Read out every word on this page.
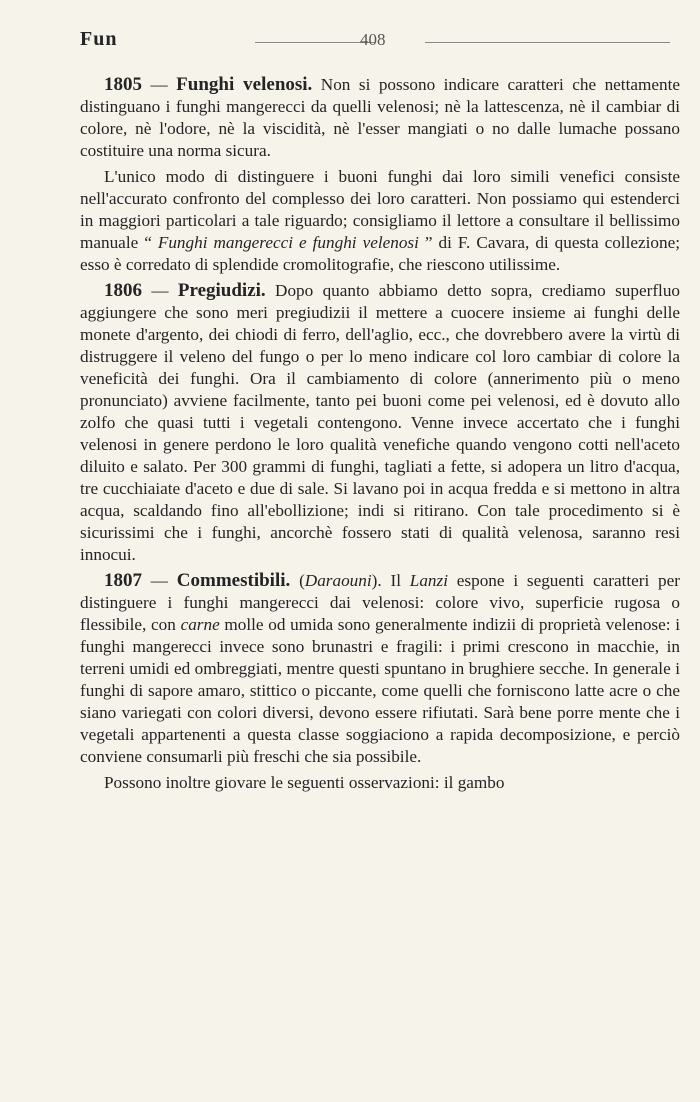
Fun	408

1805 — Funghi velenosi. Non si possono indicare caratteri che nettamente distinguano i funghi mangerecci da quelli velenosi; nè la lattescenza, nè il cambiar di colore, nè l'odore, nè la viscidità, nè l'esser mangiati o no dalle lumache possano costituire una norma sicura.

L'unico modo di distinguere i buoni funghi dai loro simili venefici consiste nell'accurato confronto del complesso dei loro caratteri. Non possiamo qui estenderci in maggiori particolari a tale riguardo; consigliamo il lettore a consultare il bellissimo manuale “ Funghi mangerecci e funghi velenosi ” di F. Cavara, di questa collezione; esso è corredato di splendide cromolitografie, che riescono utilissime.

1806 — Pregiudizi. Dopo quanto abbiamo detto sopra, crediamo superfluo aggiungere che sono meri pregiudizii il mettere a cuocere insieme ai funghi delle monete d'argento, dei chiodi di ferro, dell'aglio, ecc., che dovrebbero avere la virtù di distruggere il veleno del fungo o per lo meno indicare col loro cambiar di colore la veneficità dei funghi. Ora il cambiamento di colore (annerimento più o meno pronunciato) avviene facilmente, tanto pei buoni come pei velenosi, ed è dovuto allo zolfo che quasi tutti i vegetali contengono. Venne invece accertato che i funghi velenosi in genere perdono le loro qualità venefiche quando vengono cotti nell'aceto diluito e salato. Per 300 grammi di funghi, tagliati a fette, si adopera un litro d'acqua, tre cucchiaiate d'aceto e due di sale. Si lavano poi in acqua fredda e si mettono in altra acqua, scaldando fino all'ebollizione; indi si ritirano. Con tale procedimento si è sicurissimi che i funghi, ancorchè fossero stati di qualità velenosa, saranno resi innocui.

1807 — Commestibili. (Daraouni). Il Lanzi espone i seguenti caratteri per distinguere i funghi mangerecci dai velenosi: colore vivo, superficie rugosa o flessibile, con carne molle od umida sono generalmente indizii di proprietà velenose: i funghi mangerecci invece sono brunastri e fragili: i primi crescono in macchie, in terreni umidi ed ombreggiati, mentre questi spuntano in brughiere secche. In generale i funghi di sapore amaro, stittico o piccante, come quelli che forniscono latte acre o che siano variegati con colori diversi, devono essere rifiutati. Sarà bene porre mente che i vegetali appartenenti a questa classe soggiaciono a rapida decomposizione, e perciò conviene consumarli più freschi che sia possibile.

Possono inoltre giovare le seguenti osservazioni: il gambo
